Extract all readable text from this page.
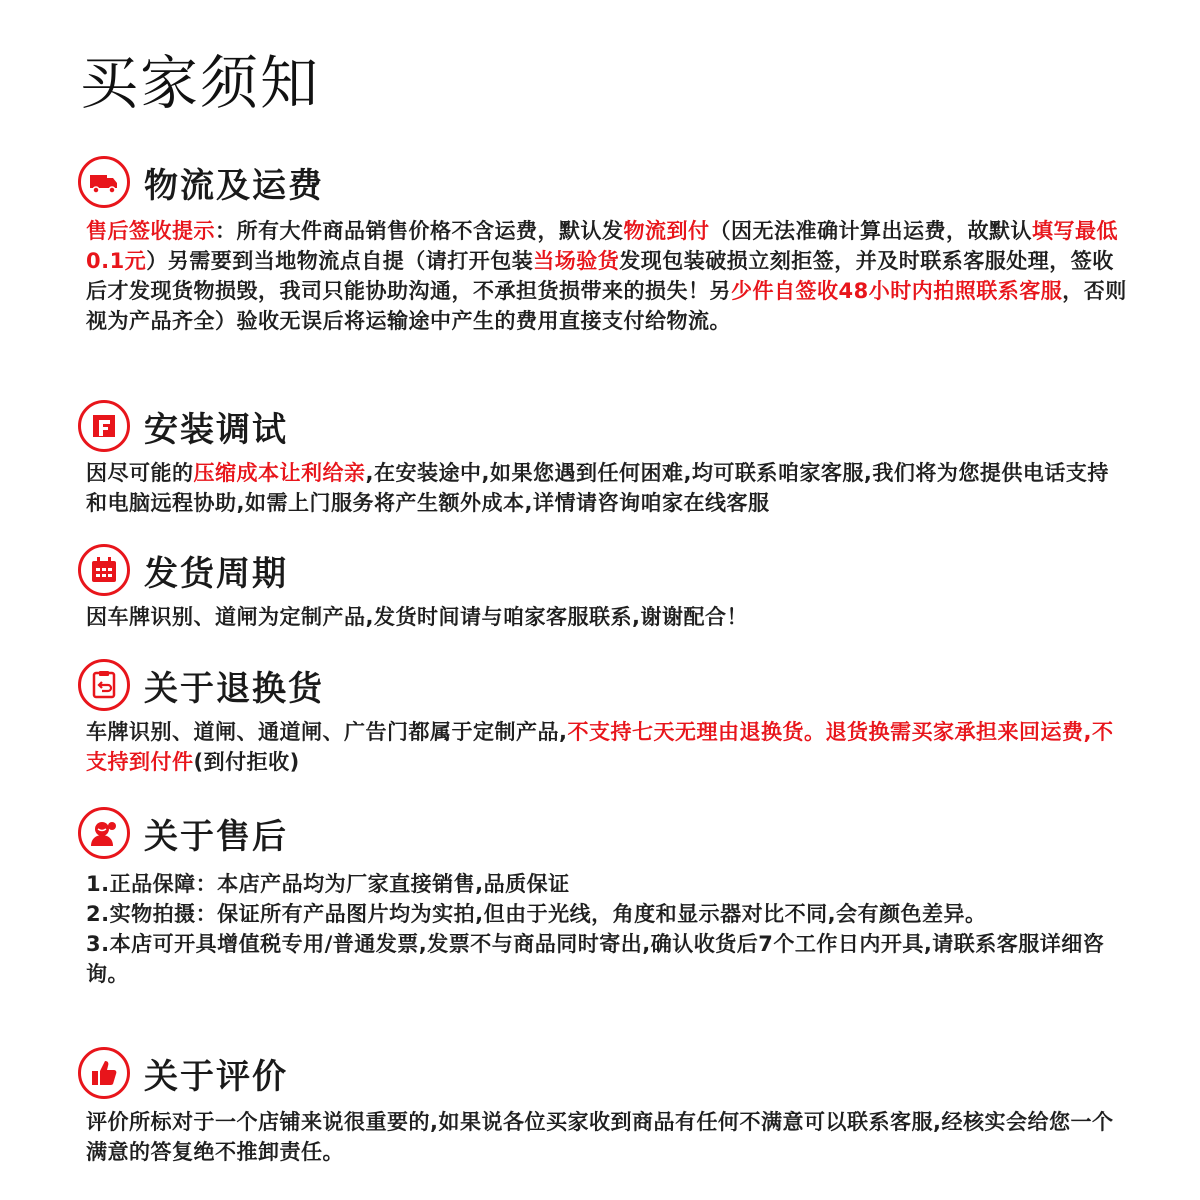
买家须知
物流及运费
售后签收提示：所有大件商品销售价格不含运费，默认发物流到付（因无法准确计算出运费，故默认填写最低0.1元）另需要到当地物流点自提（请打开包装当场验货发现包装破损立刻拒签，并及时联系客服处理，签收后才发现货物损毁，我司只能协助沟通，不承担货损带来的损失！另少件自签收48小时内拍照联系客服，否则视为产品齐全）验收无误后将运输途中产生的费用直接支付给物流。
安装调试
因尽可能的压缩成本让利给亲,在安装途中,如果您遇到任何困难,均可联系咱家客服,我们将为您提供电话支持和电脑远程协助,如需上门服务将产生额外成本,详情请咨询咱家在线客服
发货周期
因车牌识别、道闸为定制产品,发货时间请与咱家客服联系,谢谢配合！
关于退换货
车牌识别、道闸、通道闸、广告门都属于定制产品,不支持七天无理由退换货。退货换需买家承担来回运费,不支持到付件(到付拒收)
关于售后

1.正品保障：本店产品均为厂家直接销售,品质保证

2.实物拍摄：保证所有产品图片均为实拍,但由于光线，角度和显示器对比不同,会有颜色差异。

3.本店可开具增值税专用/普通发票,发票不与商品同时寄出,确认收货后7个工作日内开具,请联系客服详细咨询。

关于评价
评价所标对于一个店铺来说很重要的,如果说各位买家收到商品有任何不满意可以联系客服,经核实会给您一个满意的答复绝不推卸责任。
